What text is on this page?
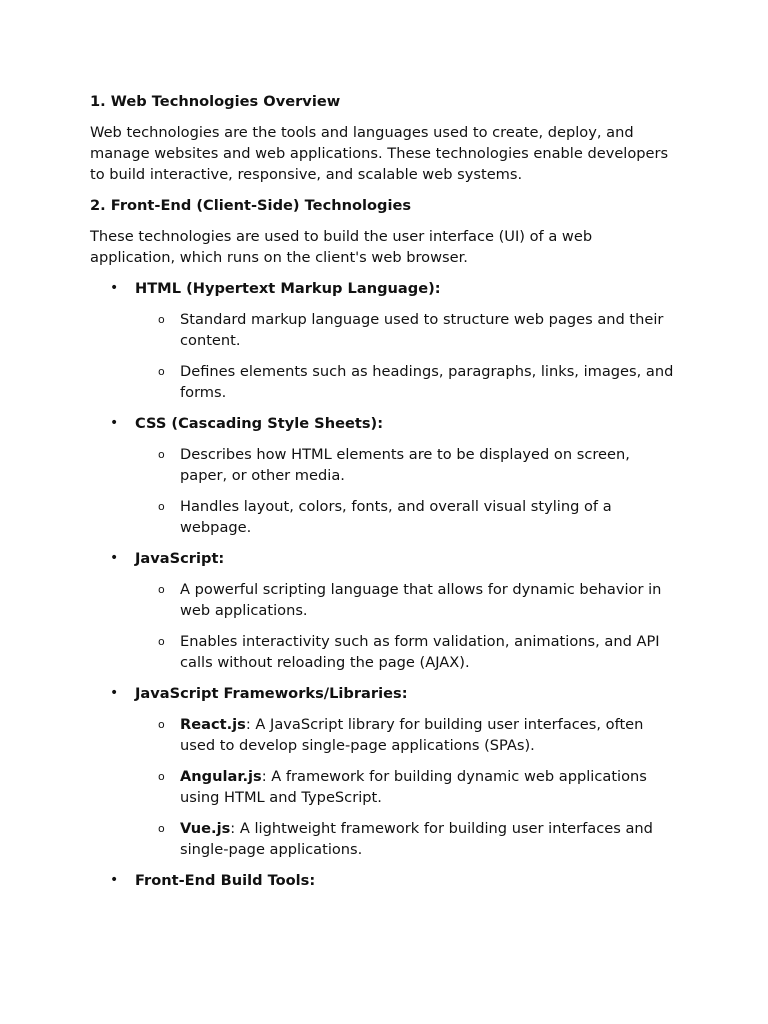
1. Web Technologies Overview
Web technologies are the tools and languages used to create, deploy, and manage websites and web applications. These technologies enable developers to build interactive, responsive, and scalable web systems.
2. Front-End (Client-Side) Technologies
These technologies are used to build the user interface (UI) of a web application, which runs on the client's web browser.
• HTML (Hypertext Markup Language):
o Standard markup language used to structure web pages and their content.
o Defines elements such as headings, paragraphs, links, images, and forms.
• CSS (Cascading Style Sheets):
o Describes how HTML elements are to be displayed on screen, paper, or other media.
o Handles layout, colors, fonts, and overall visual styling of a webpage.
• JavaScript:
o A powerful scripting language that allows for dynamic behavior in web applications.
o Enables interactivity such as form validation, animations, and API calls without reloading the page (AJAX).
• JavaScript Frameworks/Libraries:
o React.js: A JavaScript library for building user interfaces, often used to develop single-page applications (SPAs).
o Angular.js: A framework for building dynamic web applications using HTML and TypeScript.
o Vue.js: A lightweight framework for building user interfaces and single-page applications.
• Front-End Build Tools:
